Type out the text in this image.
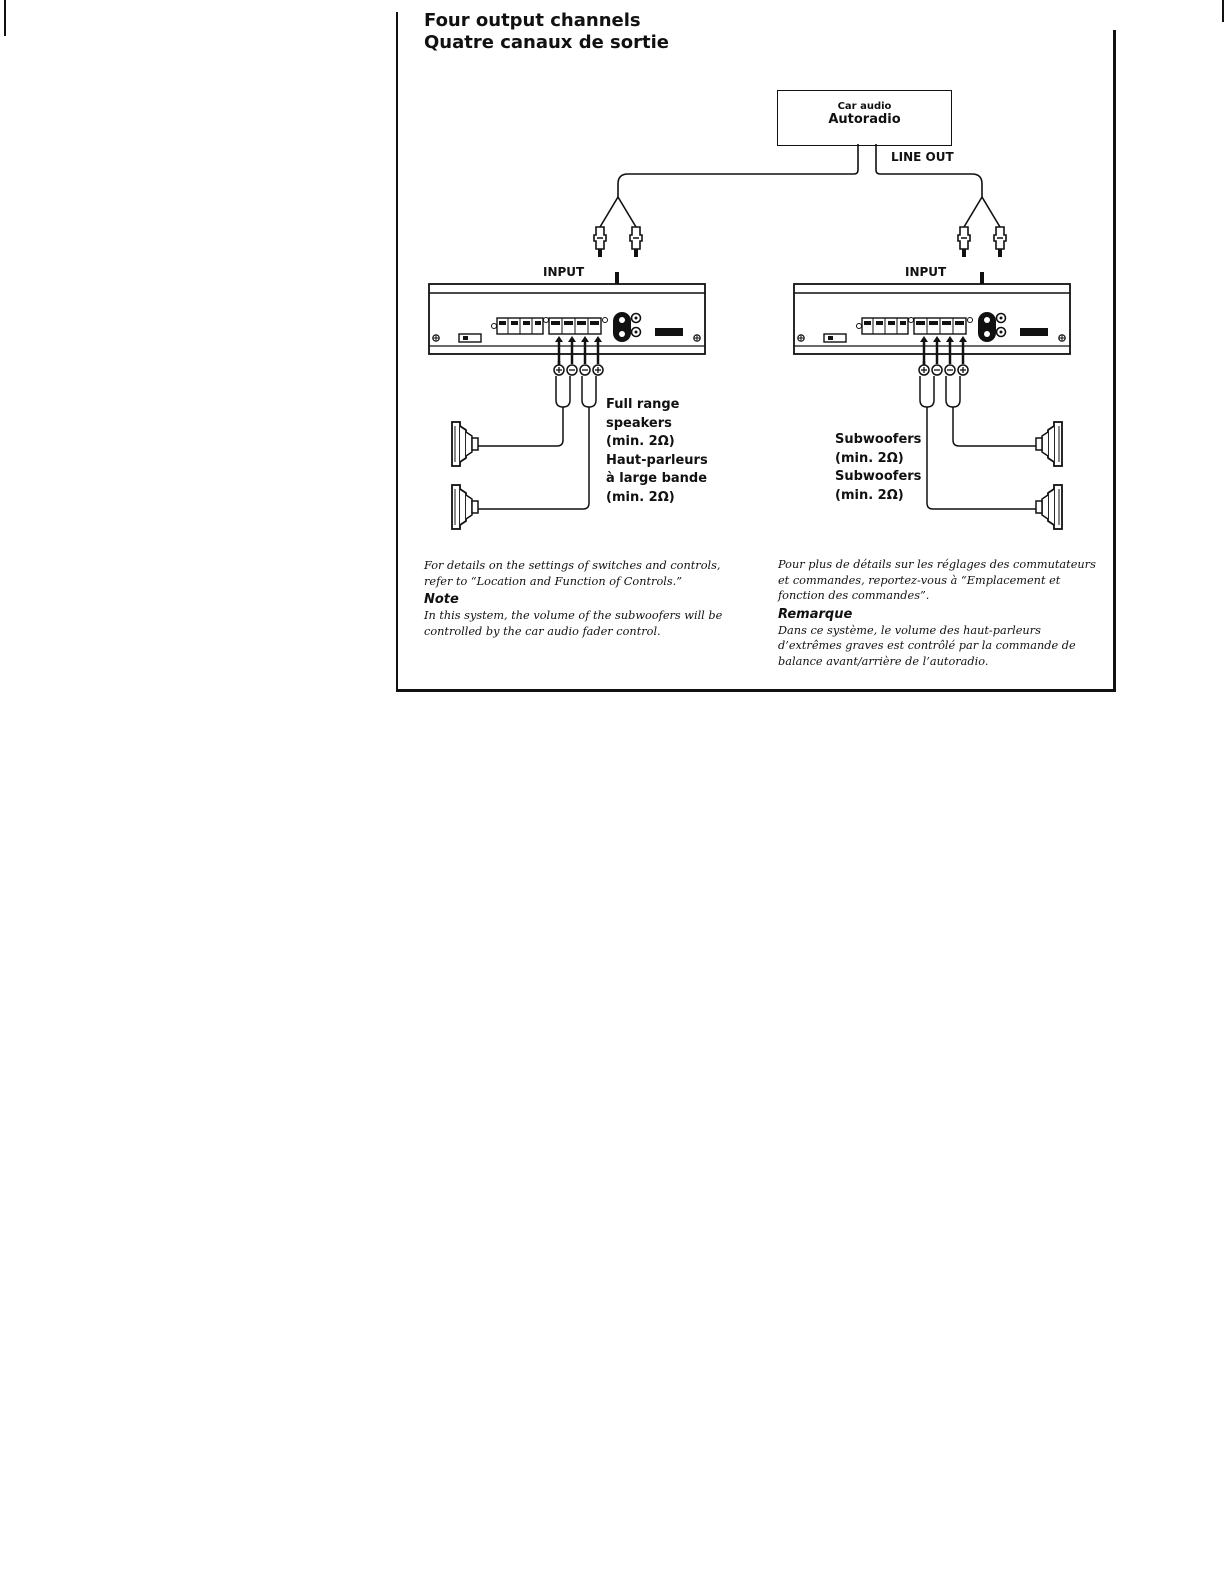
Four output channels
Quatre canaux de sortie
Car audio
Autoradio
LINE OUT
INPUT	INPUT
Full range
speakers
(min. 2Ω)
Haut-parleurs
à large bande
(min. 2Ω)
Subwoofers
(min. 2Ω)
Subwoofers
(min. 2Ω)
For details on the settings of switches and controls,
refer to “Location and Function of Controls.”
Note
In this system, the volume of the subwoofers will be
controlled by the car audio fader control.
Pour plus de détails sur les réglages des commutateurs
et commandes, reportez-vous à “Emplacement et
fonction des commandes”.
Remarque
Dans ce système, le volume des haut-parleurs
d’extrêmes graves est contrôlé par la commande de
balance avant/arrière de l’autoradio.
